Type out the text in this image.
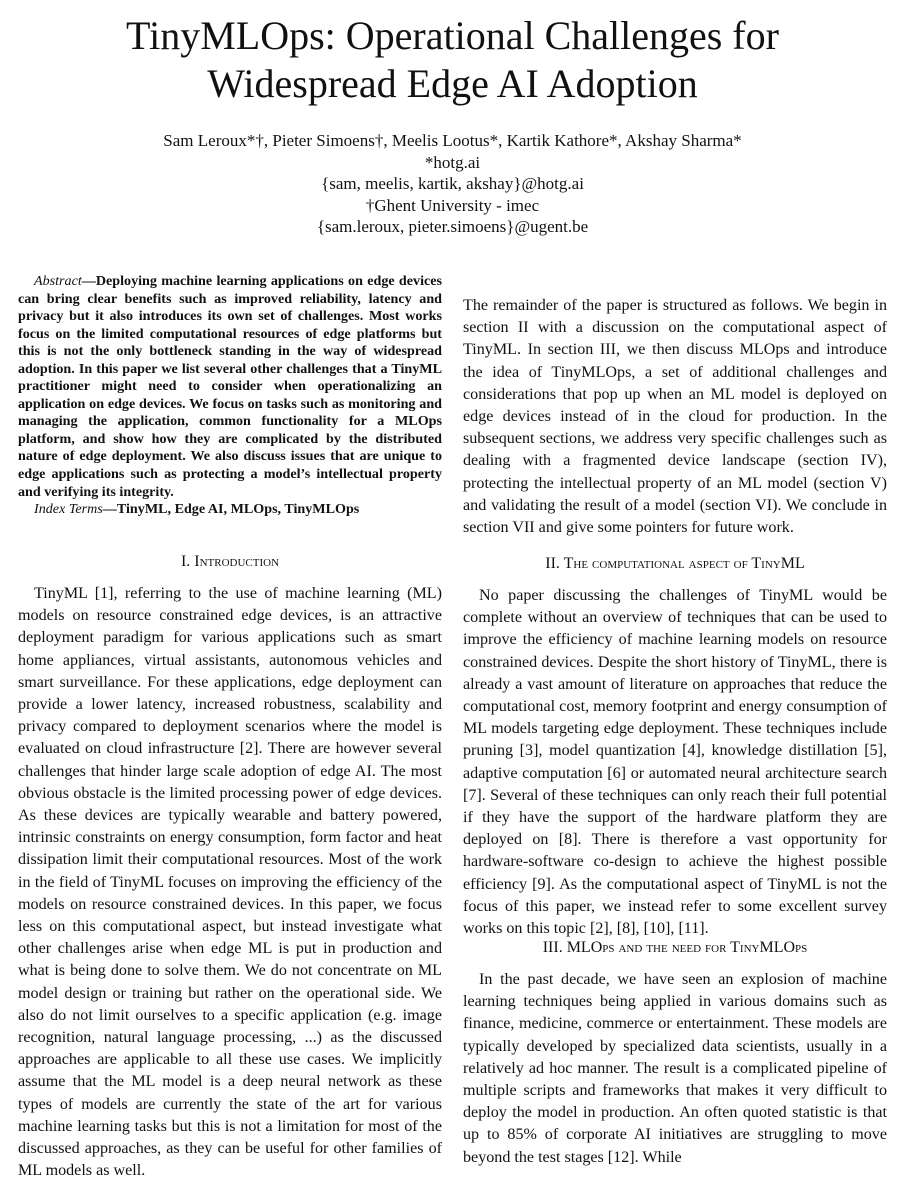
TinyMLOps: Operational Challenges for
Widespread Edge AI Adoption
Sam Leroux*†, Pieter Simoens†, Meelis Lootus*, Kartik Kathore*, Akshay Sharma*
*hotg.ai
{sam, meelis, kartik, akshay}@hotg.ai
†Ghent University - imec
{sam.leroux, pieter.simoens}@ugent.be

Abstract—Deploying machine learning applications on edge devices can bring clear benefits such as improved reliability, latency and privacy but it also introduces its own set of challenges. Most works focus on the limited computational resources of edge platforms but this is not the only bottleneck standing in the way of widespread adoption. In this paper we list several other challenges that a TinyML practitioner might need to consider when operationalizing an application on edge devices. We focus on tasks such as monitoring and managing the application, common functionality for a MLOps platform, and show how they are complicated by the distributed nature of edge deployment. We also discuss issues that are unique to edge applications such as protecting a model’s intellectual property and verifying its integrity.

Index Terms—TinyML, Edge AI, MLOps, TinyMLOps

I. Introduction

TinyML [1], referring to the use of machine learning (ML) models on resource constrained edge devices, is an attractive deployment paradigm for various applications such as smart home appliances, virtual assistants, autonomous vehicles and smart surveillance. For these applications, edge deployment can provide a lower latency, increased robustness, scalability and privacy compared to deployment scenarios where the model is evaluated on cloud infrastructure [2]. There are however several challenges that hinder large scale adoption of edge AI. The most obvious obstacle is the limited processing power of edge devices. As these devices are typically wearable and battery powered, intrinsic constraints on energy consumption, form factor and heat dissipation limit their computational resources. Most of the work in the field of TinyML focuses on improving the efficiency of the models on resource constrained devices. In this paper, we focus less on this computational aspect, but instead investigate what other challenges arise when edge ML is put in production and what is being done to solve them. We do not concentrate on ML model design or training but rather on the operational side. We also do not limit ourselves to a specific application (e.g. image recognition, natural language processing, ...) as the discussed approaches are applicable to all these use cases. We implicitly assume that the ML model is a deep neural network as these types of models are currently the state of the art for various machine learning tasks but this is not a limitation for most of the discussed approaches, as they can be useful for other families of ML models as well.

The remainder of the paper is structured as follows. We begin in section II with a discussion on the computational aspect of TinyML. In section III, we then discuss MLOps and introduce the idea of TinyMLOps, a set of additional challenges and considerations that pop up when an ML model is deployed on edge devices instead of in the cloud for production. In the subsequent sections, we address very specific challenges such as dealing with a fragmented device landscape (section IV), protecting the intellectual property of an ML model (section V) and validating the result of a model (section VI). We conclude in section VII and give some pointers for future work.

II. The computational aspect of TinyML

No paper discussing the challenges of TinyML would be complete without an overview of techniques that can be used to improve the efficiency of machine learning models on resource constrained devices. Despite the short history of TinyML, there is already a vast amount of literature on approaches that reduce the computational cost, memory footprint and energy consumption of ML models targeting edge deployment. These techniques include pruning [3], model quantization [4], knowledge distillation [5], adaptive computation [6] or automated neural architecture search [7]. Several of these techniques can only reach their full potential if they have the support of the hardware platform they are deployed on [8]. There is therefore a vast opportunity for hardware-software co-design to achieve the highest possible efficiency [9]. As the computational aspect of TinyML is not the focus of this paper, we instead refer to some excellent survey works on this topic [2], [8], [10], [11].

III. MLOps and the need for TinyMLOps

In the past decade, we have seen an explosion of machine learning techniques being applied in various domains such as finance, medicine, commerce or entertainment. These models are typically developed by specialized data scientists, usually in a relatively ad hoc manner. The result is a complicated pipeline of multiple scripts and frameworks that makes it very difficult to deploy the model in production. An often quoted statistic is that up to 85% of corporate AI initiatives are struggling to move beyond the test stages [12]. While
